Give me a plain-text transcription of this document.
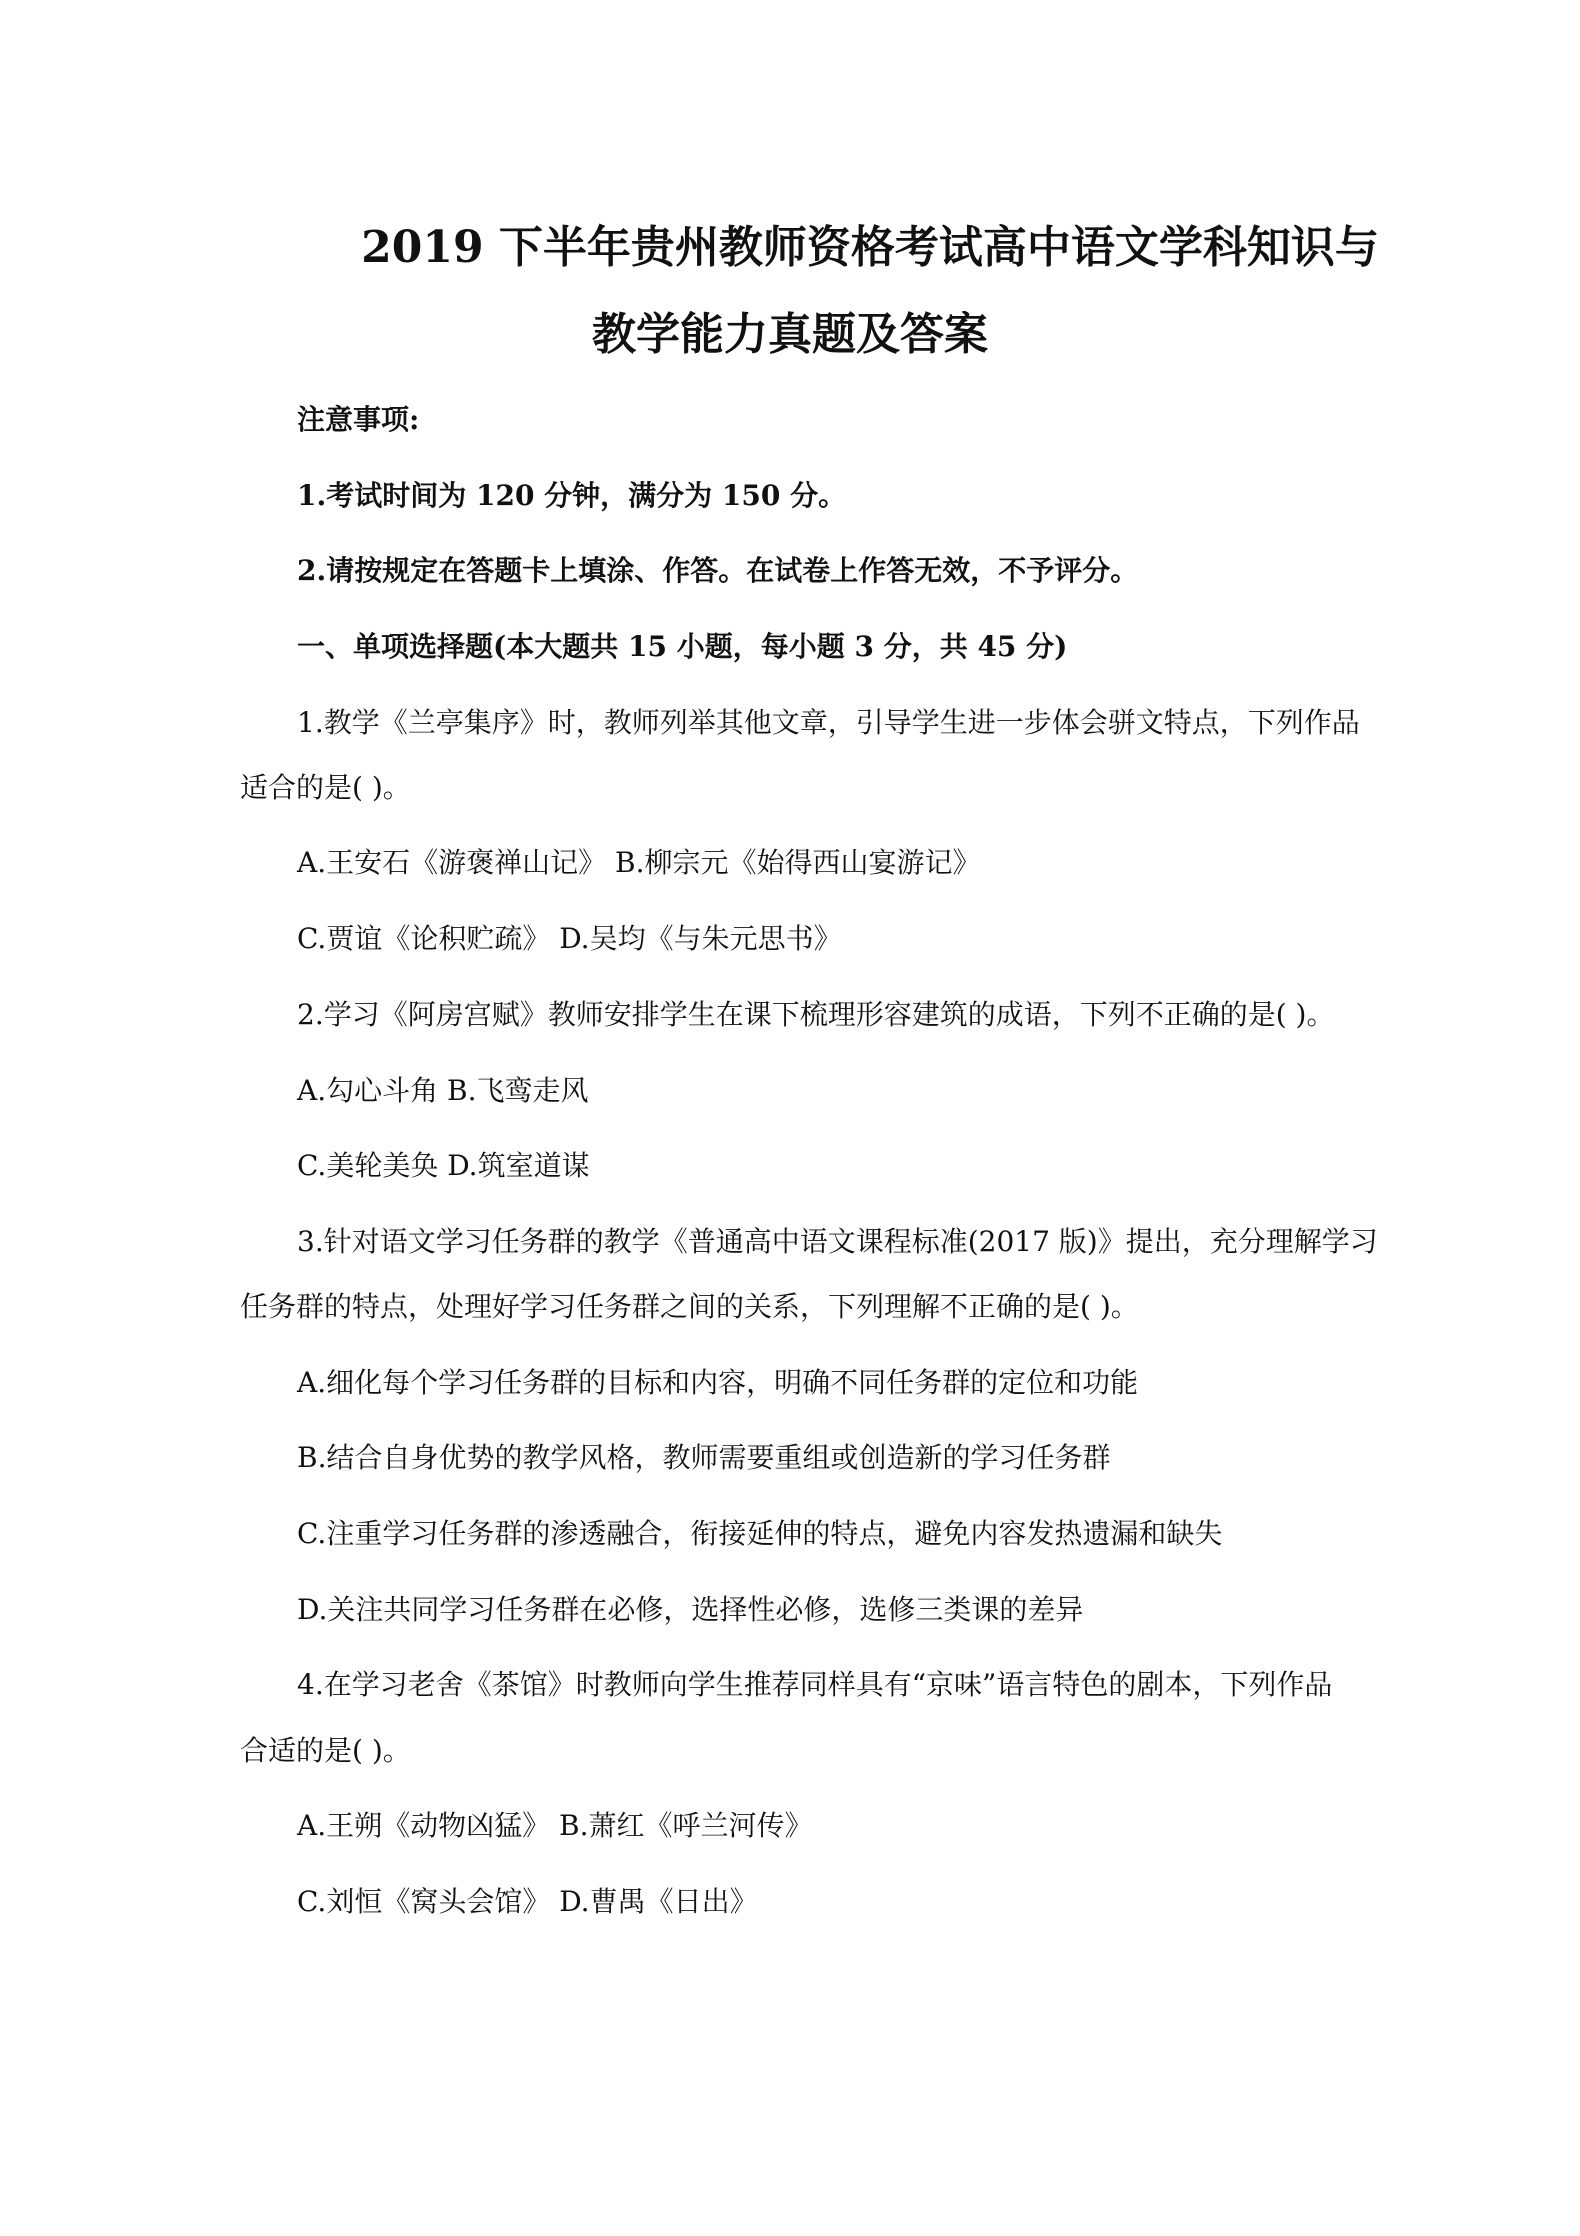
2019 下半年贵州教师资格考试高中语文学科知识与
教学能力真题及答案
注意事项:
1.考试时间为 120 分钟，满分为 150 分。
2.请按规定在答题卡上填涂、作答。在试卷上作答无效，不予评分。
一、单项选择题(本大题共 15 小题，每小题 3 分，共 45 分)
1.教学《兰亭集序》时，教师列举其他文章，引导学生进一步体会骈文特点，下列作品
适合的是( )。
A.王安石《游褒禅山记》 B.柳宗元《始得西山宴游记》
C.贾谊《论积贮疏》 D.吴均《与朱元思书》
2.学习《阿房宫赋》教师安排学生在课下梳理形容建筑的成语，下列不正确的是( )。
A.勾心斗角 B.飞鸾走风
C.美轮美奂 D.筑室道谋
3.针对语文学习任务群的教学《普通高中语文课程标准(2017 版)》提出，充分理解学习
任务群的特点，处理好学习任务群之间的关系，下列理解不正确的是( )。
A.细化每个学习任务群的目标和内容，明确不同任务群的定位和功能
B.结合自身优势的教学风格，教师需要重组或创造新的学习任务群
C.注重学习任务群的渗透融合，衔接延伸的特点，避免内容发热遗漏和缺失
D.关注共同学习任务群在必修，选择性必修，选修三类课的差异
4.在学习老舍《茶馆》时教师向学生推荐同样具有“京味”语言特色的剧本，下列作品
合适的是( )。
A.王朔《动物凶猛》 B.萧红《呼兰河传》
C.刘恒《窝头会馆》 D.曹禺《日出》
